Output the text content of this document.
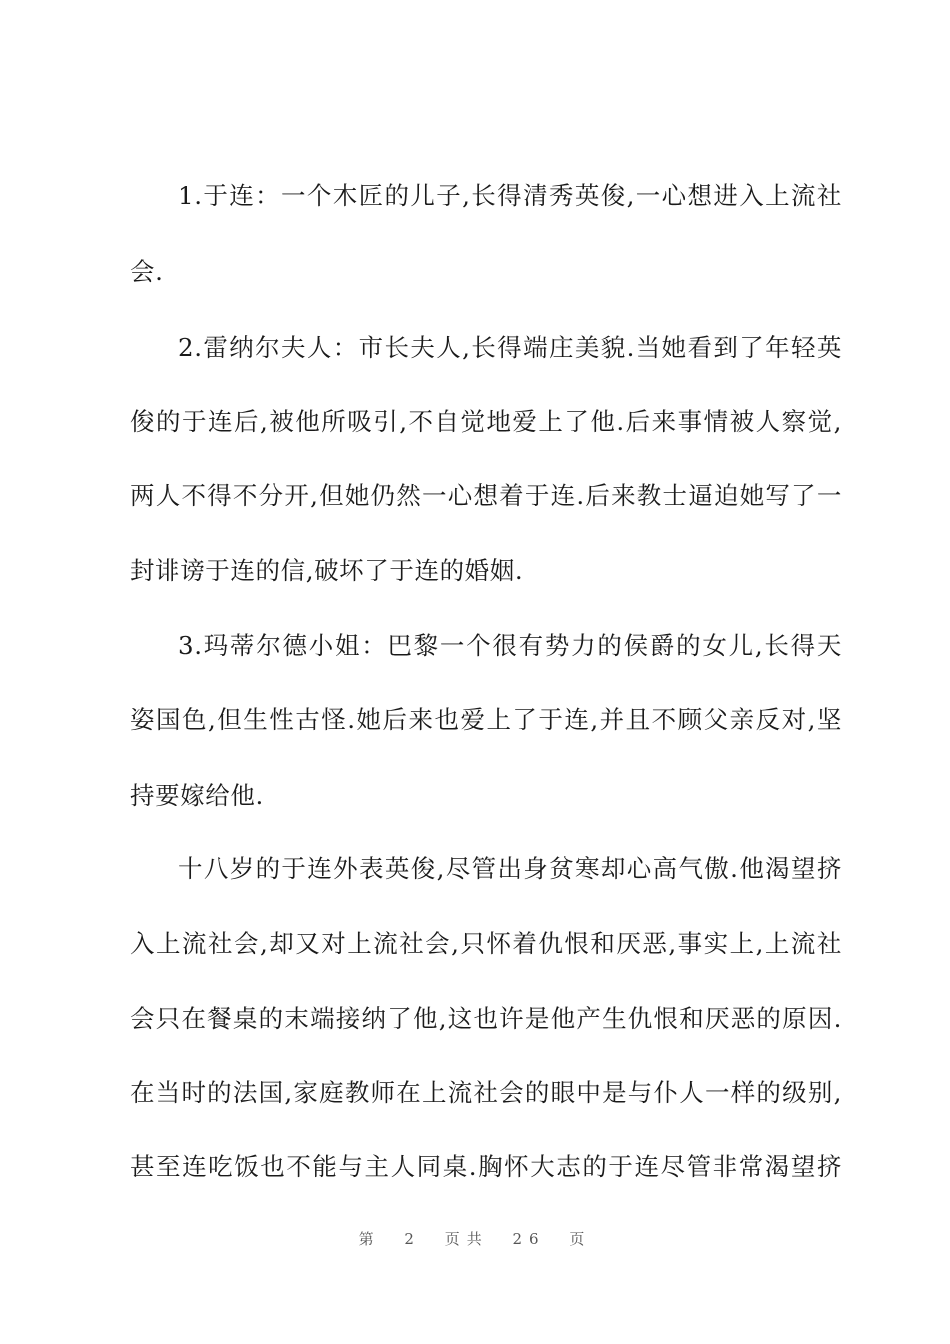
1.于连：一个木匠的儿子,长得清秀英俊,一心想进入上流社
会.
2.雷纳尔夫人：市长夫人,长得端庄美貌.当她看到了年轻英
俊的于连后,被他所吸引,不自觉地爱上了他.后来事情被人察觉,
两人不得不分开,但她仍然一心想着于连.后来教士逼迫她写了一
封诽谤于连的信,破坏了于连的婚姻.
3.玛蒂尔德小姐：巴黎一个很有势力的侯爵的女儿,长得天
姿国色,但生性古怪.她后来也爱上了于连,并且不顾父亲反对,坚
持要嫁给他.
十八岁的于连外表英俊,尽管出身贫寒却心高气傲.他渴望挤
入上流社会,却又对上流社会,只怀着仇恨和厌恶,事实上,上流社
会只在餐桌的末端接纳了他,这也许是他产生仇恨和厌恶的原因.
在当时的法国,家庭教师在上流社会的眼中是与仆人一样的级别,
甚至连吃饭也不能与主人同桌.胸怀大志的于连尽管非常渴望挤
第 2 页共 26 页
